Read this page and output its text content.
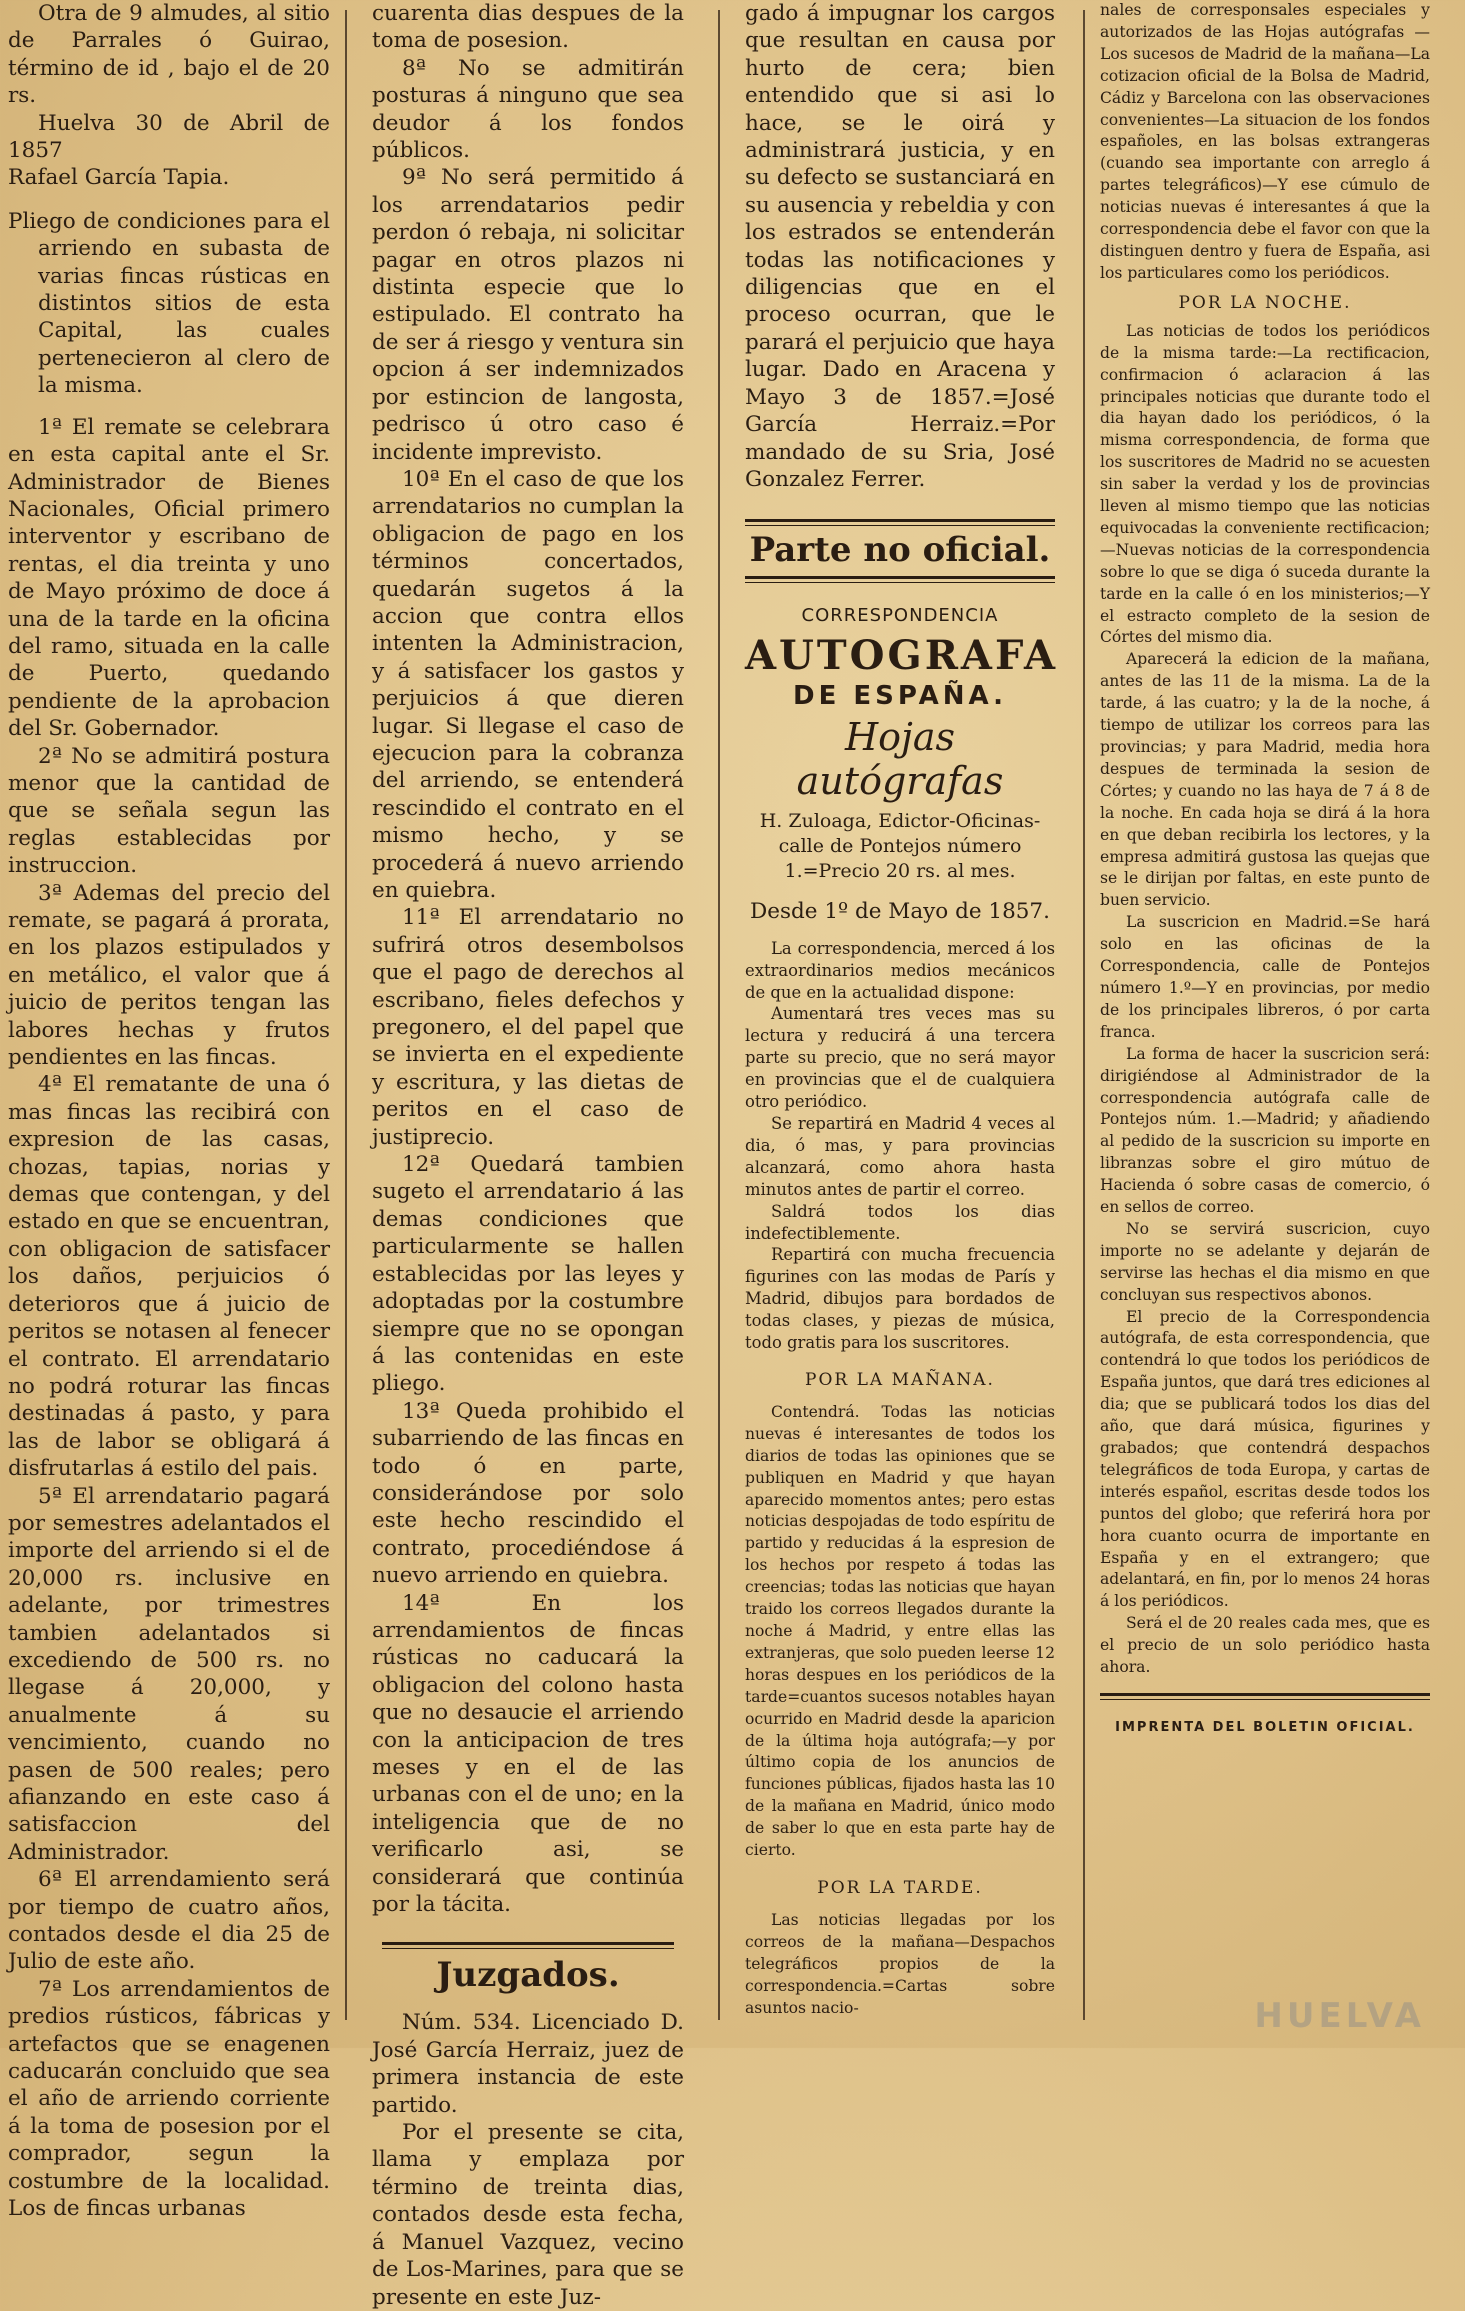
Otra de 9 almudes, al sitio de Parrales ó Guirao, término de id , bajo el de 20 rs.

Huelva 30 de Abril de 1857

Rafael García Tapia.

Pliego de condiciones para el arriendo en subasta de varias fincas rústicas en distintos sitios de esta Capital, las cuales pertenecieron al clero de la misma.

1ª El remate se celebrara en esta capital ante el Sr. Administrador de Bienes Nacionales, Oficial primero interventor y escribano de rentas, el dia treinta y uno de Mayo próximo de doce á una de la tarde en la oficina del ramo, situada en la calle de Puerto, quedando pendiente de la aprobacion del Sr. Gobernador.

2ª No se admitirá postura menor que la cantidad de que se señala segun las reglas establecidas por instruccion.

3ª Ademas del precio del remate, se pagará á prorata, en los plazos estipulados y en metálico, el valor que á juicio de peritos tengan las labores hechas y frutos pendientes en las fincas.

4ª El rematante de una ó mas fincas las recibirá con expresion de las casas, chozas, tapias, norias y demas que contengan, y del estado en que se encuentran, con obligacion de satisfacer los daños, perjuicios ó deterioros que á juicio de peritos se notasen al fenecer el contrato. El arrendatario no podrá roturar las fincas destinadas á pasto, y para las de labor se obligará á disfrutarlas á estilo del pais.

5ª El arrendatario pagará por semestres adelantados el importe del arriendo si el de 20,000 rs. inclusive en adelante, por trimestres tambien adelantados si excediendo de 500 rs. no llegase á 20,000, y anualmente á su vencimiento, cuando no pasen de 500 reales; pero afianzando en este caso á satisfaccion del Administrador.

6ª El arrendamiento será por tiempo de cuatro años, contados desde el dia 25 de Julio de este año.

7ª Los arrendamientos de predios rústicos, fábricas y artefactos que se enagenen caducarán concluido que sea el año de arriendo corriente á la toma de posesion por el comprador, segun la costumbre de la localidad. Los de fincas urbanas

cuarenta dias despues de la toma de posesion.

8ª No se admitirán posturas á ninguno que sea deudor á los fondos públicos.

9ª No será permitido á los arrendatarios pedir perdon ó rebaja, ni solicitar pagar en otros plazos ni distinta especie que lo estipulado. El contrato ha de ser á riesgo y ventura sin opcion á ser indemnizados por estincion de langosta, pedrisco ú otro caso é incidente imprevisto.

10ª En el caso de que los arrendatarios no cumplan la obligacion de pago en los términos concertados, quedarán sugetos á la accion que contra ellos intenten la Administracion, y á satisfacer los gastos y perjuicios á que dieren lugar. Si llegase el caso de ejecucion para la cobranza del arriendo, se entenderá rescindido el contrato en el mismo hecho, y se procederá á nuevo arriendo en quiebra.

11ª El arrendatario no sufrirá otros desembolsos que el pago de derechos al escribano, fieles defechos y pregonero, el del papel que se invierta en el expediente y escritura, y las dietas de peritos en el caso de justiprecio.

12ª Quedará tambien sugeto el arrendatario á las demas condiciones que particularmente se hallen establecidas por las leyes y adoptadas por la costumbre siempre que no se opongan á las contenidas en este pliego.

13ª Queda prohibido el subarriendo de las fincas en todo ó en parte, considerándose por solo este hecho rescindido el contrato, procediéndose á nuevo arriendo en quiebra.

14ª En los arrendamientos de fincas rústicas no caducará la obligacion del colono hasta que no desaucie el arriendo con la anticipacion de tres meses y en el de las urbanas con el de uno; en la inteligencia que de no verificarlo asi, se considerará que continúa por la tácita.

Juzgados.

Núm. 534. Licenciado D. José García Herraiz, juez de primera instancia de este partido.

Por el presente se cita, llama y emplaza por término de treinta dias, contados desde esta fecha, á Manuel Vazquez, vecino de Los-Marines, para que se presente en este Juz-

gado á impugnar los cargos que resultan en causa por hurto de cera; bien entendido que si asi lo hace, se le oirá y administrará justicia, y en su defecto se sustanciará en su ausencia y rebeldia y con los estrados se entenderán todas las notificaciones y diligencias que en el proceso ocurran, que le parará el perjuicio que haya lugar. Dado en Aracena y Mayo 3 de 1857.=José García Herraiz.=Por mandado de su Sria, José Gonzalez Ferrer.

Parte no oficial.
CORRESPONDENCIA
AUTOGRAFA
DE ESPAÑA.
Hojas autógrafas

H. Zuloaga, Edictor-Oficinas-calle de Pontejos número 1.=Precio 20 rs. al mes.

Desde 1º de Mayo de 1857.

La correspondencia, merced á los extraordinarios medios mecánicos de que en la actualidad dispone:

Aumentará tres veces mas su lectura y reducirá á una tercera parte su precio, que no será mayor en provincias que el de cualquiera otro periódico.

Se repartirá en Madrid 4 veces al dia, ó mas, y para provincias alcanzará, como ahora hasta minutos antes de partir el correo.

Saldrá todos los dias indefectiblemente.

Repartirá con mucha frecuencia figurines con las modas de París y Madrid, dibujos para bordados de todas clases, y piezas de música, todo gratis para los suscritores.

POR LA MAÑANA.

Contendrá. Todas las noticias nuevas é interesantes de todos los diarios de todas las opiniones que se publiquen en Madrid y que hayan aparecido momentos antes; pero estas noticias despojadas de todo espíritu de partido y reducidas á la espresion de los hechos por respeto á todas las creencias; todas las noticias que hayan traido los correos llegados durante la noche á Madrid, y entre ellas las extranjeras, que solo pueden leerse 12 horas despues en los periódicos de la tarde=cuantos sucesos notables hayan ocurrido en Madrid desde la aparicion de la última hoja autógrafa;—y por último copia de los anuncios de funciones públicas, fijados hasta las 10 de la mañana en Madrid, único modo de saber lo que en esta parte hay de cierto.

POR LA TARDE.

Las noticias llegadas por los correos de la mañana—Despachos telegráficos propios de la correspondencia.=Cartas sobre asuntos nacio-

nales de corresponsales especiales y autorizados de las Hojas autógrafas —Los sucesos de Madrid de la mañana—La cotizacion oficial de la Bolsa de Madrid, Cádiz y Barcelona con las observaciones convenientes—La situacion de los fondos españoles, en las bolsas extrangeras (cuando sea importante con arreglo á partes telegráficos)—Y ese cúmulo de noticias nuevas é interesantes á que la correspondencia debe el favor con que la distinguen dentro y fuera de España, asi los particulares como los periódicos.

POR LA NOCHE.

Las noticias de todos los periódicos de la misma tarde:—La rectificacion, confirmacion ó aclaracion á las principales noticias que durante todo el dia hayan dado los periódicos, ó la misma correspondencia, de forma que los suscritores de Madrid no se acuesten sin saber la verdad y los de provincias lleven al mismo tiempo que las noticias equivocadas la conveniente rectificacion;—Nuevas noticias de la correspondencia sobre lo que se diga ó suceda durante la tarde en la calle ó en los ministerios;—Y el estracto completo de la sesion de Córtes del mismo dia.

Aparecerá la edicion de la mañana, antes de las 11 de la misma. La de la tarde, á las cuatro; y la de la noche, á tiempo de utilizar los correos para las provincias; y para Madrid, media hora despues de terminada la sesion de Córtes; y cuando no las haya de 7 á 8 de la noche. En cada hoja se dirá á la hora en que deban recibirla los lectores, y la empresa admitirá gustosa las quejas que se le dirijan por faltas, en este punto de buen servicio.

La suscricion en Madrid.=Se hará solo en las oficinas de la Correspondencia, calle de Pontejos número 1.º—Y en provincias, por medio de los principales libreros, ó por carta franca.

La forma de hacer la suscricion será: dirigiéndose al Administrador de la correspondencia autógrafa calle de Pontejos núm. 1.—Madrid; y añadiendo al pedido de la suscricion su importe en libranzas sobre el giro mútuo de Hacienda ó sobre casas de comercio, ó en sellos de correo.

No se servirá suscricion, cuyo importe no se adelante y dejarán de servirse las hechas el dia mismo en que concluyan sus respectivos abonos.

El precio de la Correspondencia autógrafa, de esta correspondencia, que contendrá lo que todos los periódicos de España juntos, que dará tres ediciones al dia; que se publicará todos los dias del año, que dará música, figurines y grabados; que contendrá despachos telegráficos de toda Europa, y cartas de interés español, escritas desde todos los puntos del globo; que referirá hora por hora cuanto ocurra de importante en España y en el extrangero; que adelantará, en fin, por lo menos 24 horas á los periódicos.

Será el de 20 reales cada mes, que es el precio de un solo periódico hasta ahora.

IMPRENTA DEL BOLETIN OFICIAL.
HUELVA
